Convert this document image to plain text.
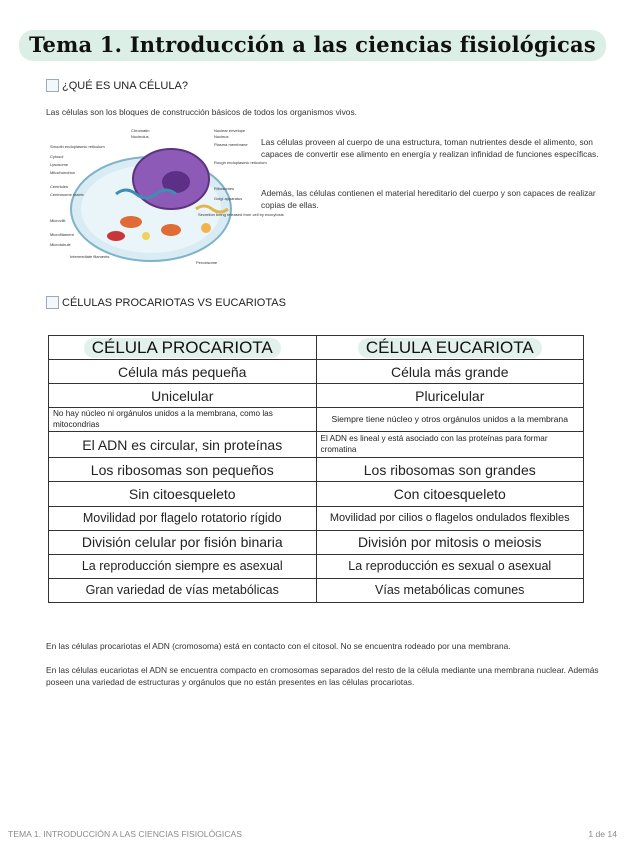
Tema 1. Introducción a las ciencias fisiológicas
¿QUÉ ES UNA CÉLULA?
Las células son los bloques de construcción básicos de todos los organismos vivos.
Chromatin
Nucleolus
Nuclear envelope
Nucleus
Plasma membrane
Smooth endoplasmic reticulum
Cytosol
Lysosome
Mitochondrion
Centrioles
Centrosome matrix
Rough endoplasmic reticulum
Ribosomes
Golgi apparatus
Microvilli
Microfilament
Microtubule
Intermediate filaments
Secretion being released from cell by exocytosis
Peroxisome
Las células proveen al cuerpo de una estructura, toman nutrientes desde el alimento, son capaces de convertir ese alimento en energía y realizan infinidad de funciones específicas.
Además, las células contienen el material hereditario del cuerpo y son capaces de realizar copias de ellas.
CÉLULAS PROCARIOTAS VS EUCARIOTAS
CÉLULA PROCARIOTA	CÉLULA EUCARIOTA
Célula más pequeña	Célula más grande
Unicelular	Pluricelular
No hay núcleo ni orgánulos unidos a la membrana, como las mitocondrias	Siempre tiene núcleo y otros orgánulos unidos a la membrana
El ADN es circular, sin proteínas	El ADN es lineal y está asociado con las proteínas para formar cromatina
Los ribosomas son pequeños	Los ribosomas son grandes
Sin citoesqueleto	Con citoesqueleto
Movilidad por flagelo rotatorio rígido	Movilidad por cilios o flagelos ondulados flexibles
División celular por fisión binaria	División por mitosis o meiosis
La reproducción siempre es asexual	La reproducción es sexual o asexual
Gran variedad de vías metabólicas	Vías metabólicas comunes
En las células procariotas el ADN (cromosoma) está en contacto con el citosol. No se encuentra rodeado por una membrana.
En las células eucariotas el ADN se encuentra compacto en cromosomas separados del resto de la célula mediante una membrana nuclear. Además poseen una variedad de estructuras y orgánulos que no están presentes en las células procariotas.
TEMA 1. INTRODUCCIÓN A LAS CIENCIAS FISIOLÓGICAS	1 de 14
